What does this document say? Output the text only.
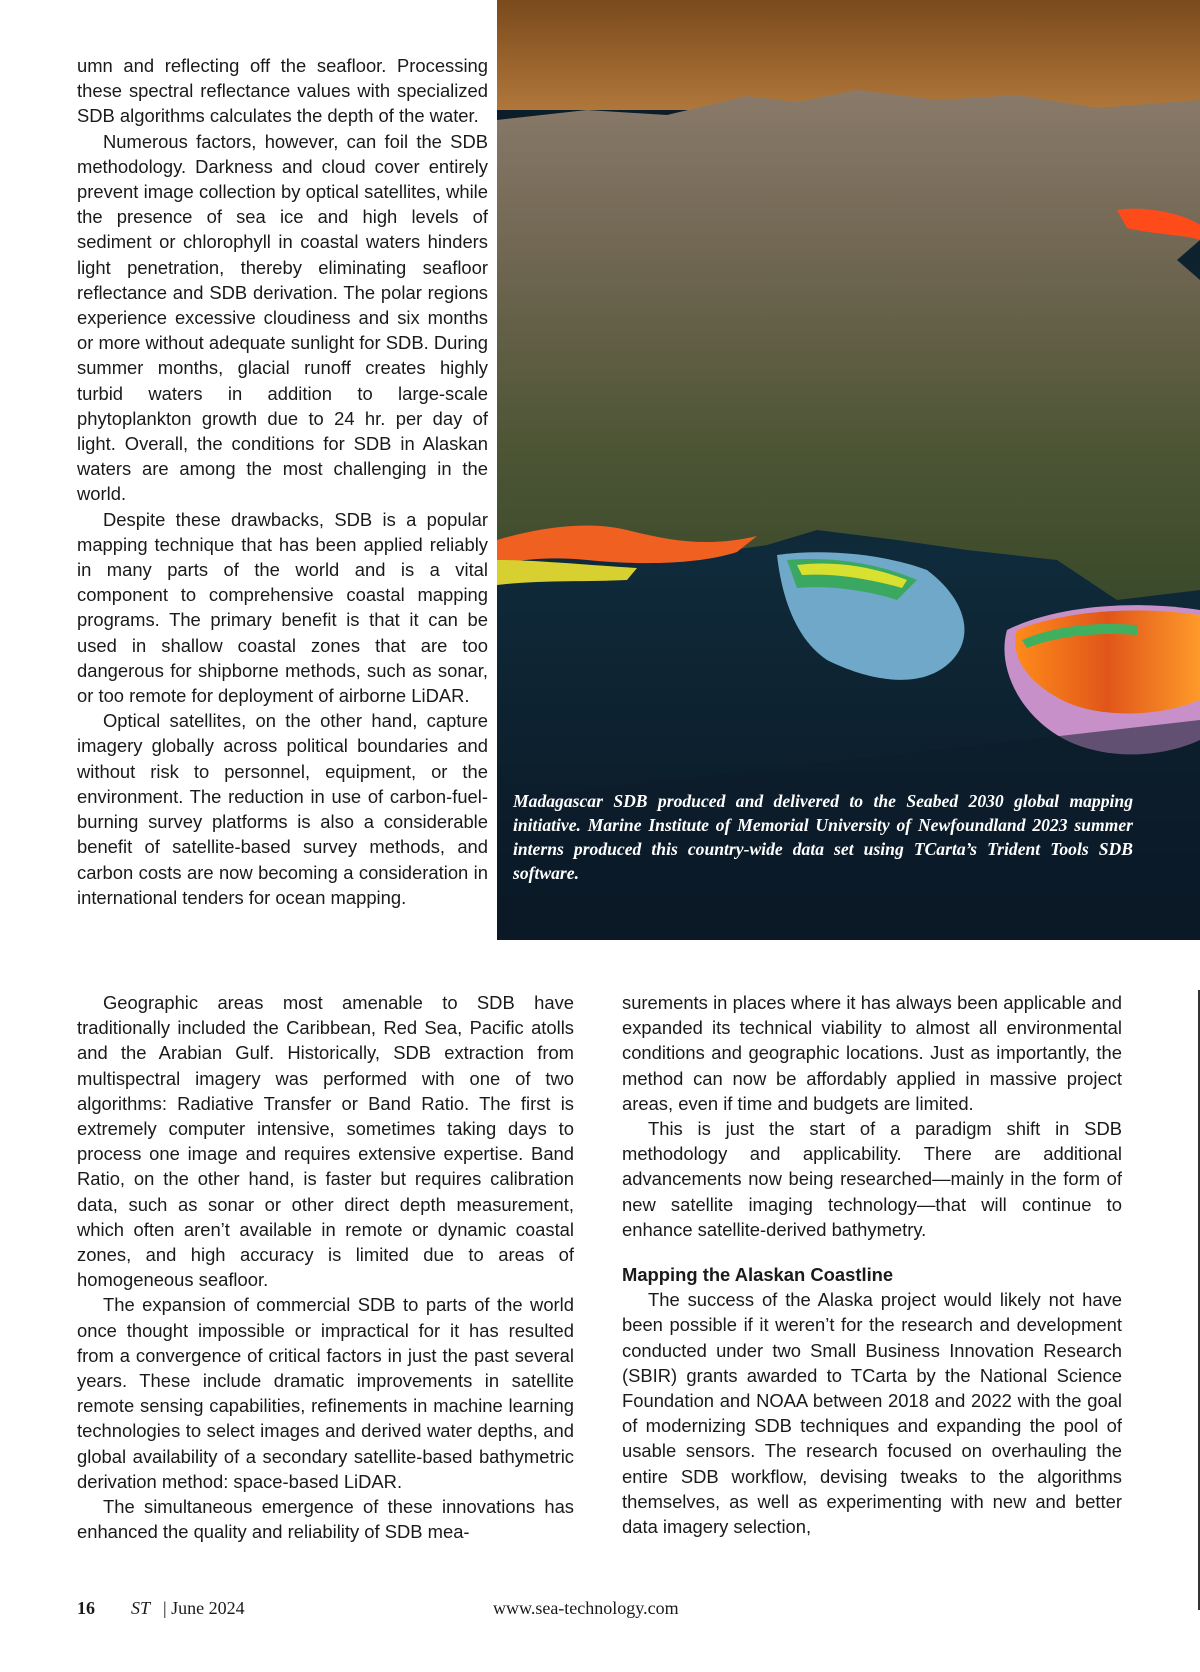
umn and reflecting off the seafloor. Processing these spectral reflectance values with specialized SDB algorithms calculates the depth of the water.

Numerous factors, however, can foil the SDB methodology. Darkness and cloud cover entirely prevent image collection by optical satellites, while the presence of sea ice and high levels of sediment or chlorophyll in coastal waters hinders light penetration, thereby eliminating seafloor reflectance and SDB derivation. The polar regions experience excessive cloudiness and six months or more without adequate sunlight for SDB. During summer months, glacial runoff creates highly turbid waters in addition to large-scale phytoplankton growth due to 24 hr. per day of light. Overall, the conditions for SDB in Alaskan waters are among the most challenging in the world.

Despite these drawbacks, SDB is a popular mapping technique that has been applied reliably in many parts of the world and is a vital component to comprehensive coastal mapping programs. The primary benefit is that it can be used in shallow coastal zones that are too dangerous for shipborne methods, such as sonar, or too remote for deployment of airborne LiDAR.

Optical satellites, on the other hand, capture imagery globally across political boundaries and without risk to personnel, equipment, or the environment. The reduction in use of carbon-fuel-burning survey platforms is also a considerable benefit of satellite-based survey methods, and carbon costs are now becoming a consideration in international tenders for ocean mapping.

Madagascar SDB produced and delivered to the Seabed 2030 global mapping initiative. Marine Institute of Memorial University of Newfoundland 2023 summer interns produced this country-wide data set using TCarta’s Trident Tools SDB software.

Geographic areas most amenable to SDB have traditionally included the Caribbean, Red Sea, Pacific atolls and the Arabian Gulf. Historically, SDB extraction from multispectral imagery was performed with one of two algorithms: Radiative Transfer or Band Ratio. The first is extremely computer intensive, sometimes taking days to process one image and requires extensive expertise. Band Ratio, on the other hand, is faster but requires calibration data, such as sonar or other direct depth measurement, which often aren’t available in remote or dynamic coastal zones, and high accuracy is limited due to areas of homogeneous seafloor.

The expansion of commercial SDB to parts of the world once thought impossible or impractical for it has resulted from a convergence of critical factors in just the past several years. These include dramatic improvements in satellite remote sensing capabilities, refinements in machine learning technologies to select images and derived water depths, and global availability of a secondary satellite-based bathymetric derivation method: space-based LiDAR.

The simultaneous emergence of these innovations has enhanced the quality and reliability of SDB mea-

surements in places where it has always been applicable and expanded its technical viability to almost all environmental conditions and geographic locations. Just as importantly, the method can now be affordably applied in massive project areas, even if time and budgets are limited.

This is just the start of a paradigm shift in SDB methodology and applicability. There are additional advancements now being researched—mainly in the form of new satellite imaging technology—that will continue to enhance satellite-derived bathymetry.

Mapping the Alaskan Coastline

The success of the Alaska project would likely not have been possible if it weren’t for the research and development conducted under two Small Business Innovation Research (SBIR) grants awarded to TCarta by the National Science Foundation and NOAA between 2018 and 2022 with the goal of modernizing SDB techniques and expanding the pool of usable sensors. The research focused on overhauling the entire SDB workflow, devising tweaks to the algorithms themselves, as well as experimenting with new and better data imagery selection,

16 ST | June 2024	www.sea-technology.com
